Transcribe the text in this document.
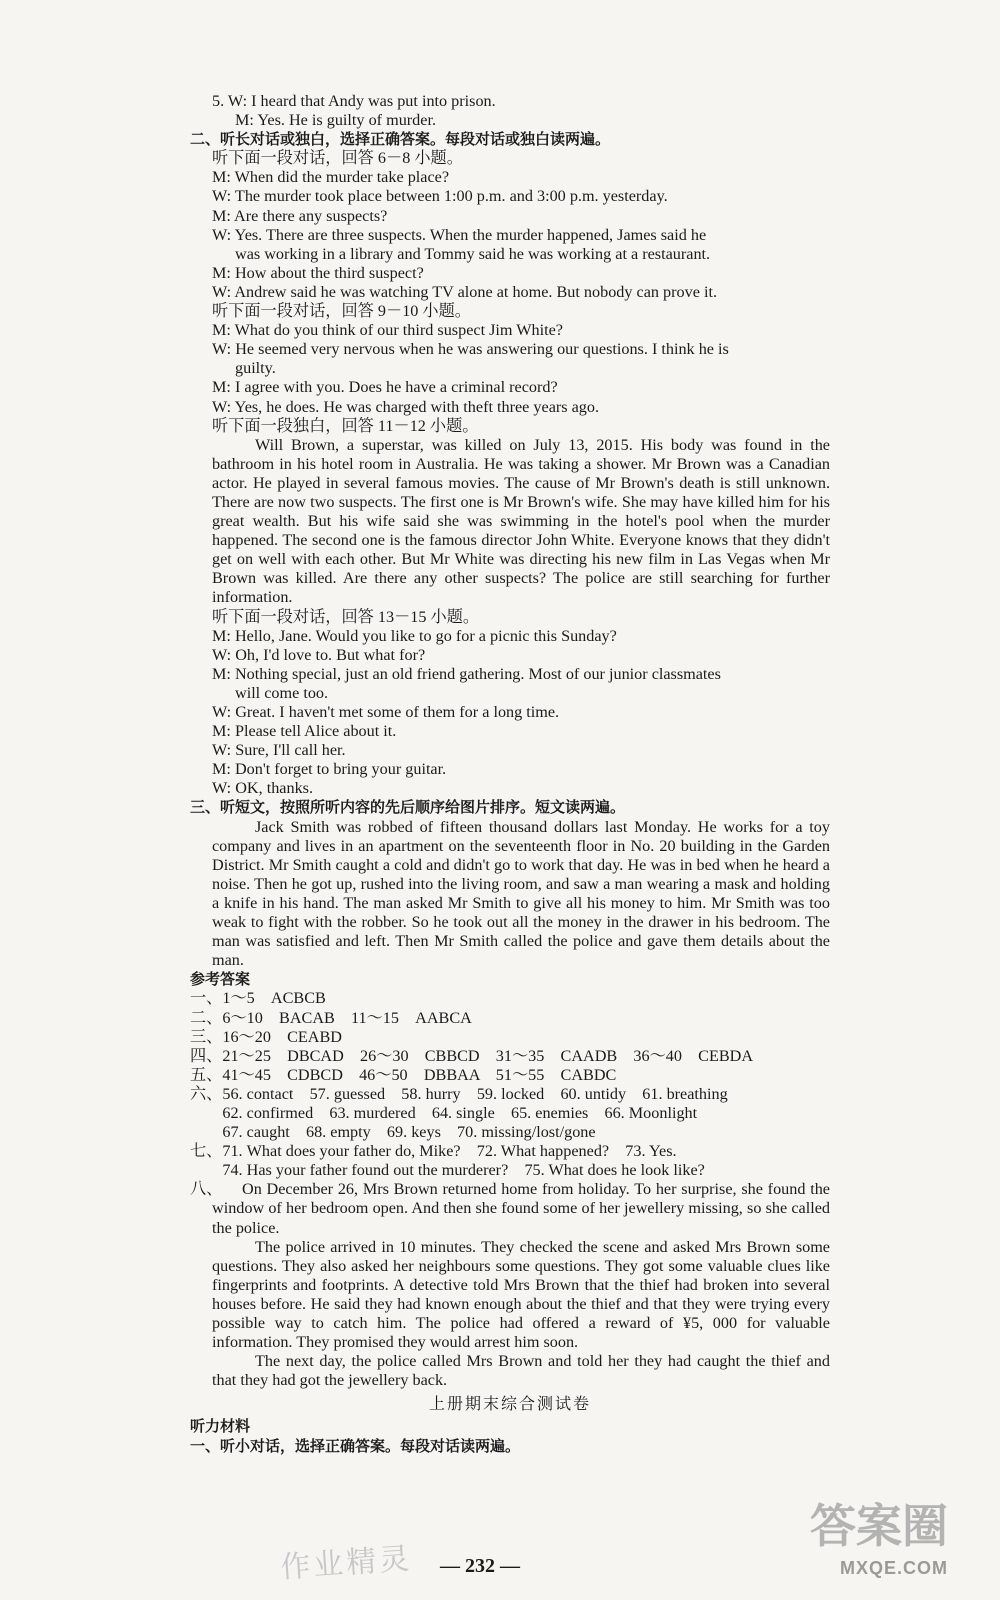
5. W: I heard that Andy was put into prison.
M: Yes. He is guilty of murder.
二、听长对话或独白，选择正确答案。每段对话或独白读两遍。
听下面一段对话，回答 6－8 小题。
M: When did the murder take place?
W: The murder took place between 1:00 p.m. and 3:00 p.m. yesterday.
M: Are there any suspects?
W: Yes. There are three suspects. When the murder happened, James said he
was working in a library and Tommy said he was working at a restaurant.
M: How about the third suspect?
W: Andrew said he was watching TV alone at home. But nobody can prove it.
听下面一段对话，回答 9－10 小题。
M: What do you think of our third suspect Jim White?
W: He seemed very nervous when he was answering our questions. I think he is
guilty.
M: I agree with you. Does he have a criminal record?
W: Yes, he does. He was charged with theft three years ago.
听下面一段独白，回答 11－12 小题。
Will Brown, a superstar, was killed on July 13, 2015. His body was found in the bathroom in his hotel room in Australia. He was taking a shower. Mr Brown was a Canadian actor. He played in several famous movies. The cause of Mr Brown's death is still unknown. There are now two suspects. The first one is Mr Brown's wife. She may have killed him for his great wealth. But his wife said she was swimming in the hotel's pool when the murder happened. The second one is the famous director John White. Everyone knows that they didn't get on well with each other. But Mr White was directing his new film in Las Vegas when Mr Brown was killed. Are there any other suspects? The police are still searching for further information.
听下面一段对话，回答 13－15 小题。
M: Hello, Jane. Would you like to go for a picnic this Sunday?
W: Oh, I'd love to. But what for?
M: Nothing special, just an old friend gathering. Most of our junior classmates
will come too.
W: Great. I haven't met some of them for a long time.
M: Please tell Alice about it.
W: Sure, I'll call her.
M: Don't forget to bring your guitar.
W: OK, thanks.
三、听短文，按照所听内容的先后顺序给图片排序。短文读两遍。
Jack Smith was robbed of fifteen thousand dollars last Monday. He works for a toy company and lives in an apartment on the seventeenth floor in No. 20 building in the Garden District. Mr Smith caught a cold and didn't go to work that day. He was in bed when he heard a noise. Then he got up, rushed into the living room, and saw a man wearing a mask and holding a knife in his hand. The man asked Mr Smith to give all his money to him. Mr Smith was too weak to fight with the robber. So he took out all the money in the drawer in his bedroom. The man was satisfied and left. Then Mr Smith called the police and gave them details about the man.
参考答案
一、1～5　ACBCB
二、6～10　BACAB　11～15　AABCA
三、16～20　CEABD
四、21～25　DBCAD　26～30　CBBCD　31～35　CAADB　36～40　CEBDA
五、41～45　CDBCD　46～50　DBBAA　51～55　CABDC
六、56. contact　57. guessed　58. hurry　59. locked　60. untidy　61. breathing
　　62. confirmed　63. murdered　64. single　65. enemies　66. Moonlight
　　67. caught　68. empty　69. keys　70. missing/lost/gone
七、71. What does your father do, Mike?　72. What happened?　73. Yes.
　　74. Has your father found out the murderer?　75. What does he look like?
八、	On December 26, Mrs Brown returned home from holiday. To her surprise, she found the window of her bedroom open. And then she found some of her jewellery missing, so she called the police.
The police arrived in 10 minutes. They checked the scene and asked Mrs Brown some questions. They also asked her neighbours some questions. They got some valuable clues like fingerprints and footprints. A detective told Mrs Brown that the thief had broken into several houses before. He said they had known enough about the thief and that they were trying every possible way to catch him. The police had offered a reward of ¥5, 000 for valuable information. They promised they would arrest him soon.
The next day, the police called Mrs Brown and told her they had caught the thief and that they had got the jewellery back.
上册期末综合测试卷
听力材料
一、听小对话，选择正确答案。每段对话读两遍。
作业精灵 — 232 —
答案圈
MXQE.COM
